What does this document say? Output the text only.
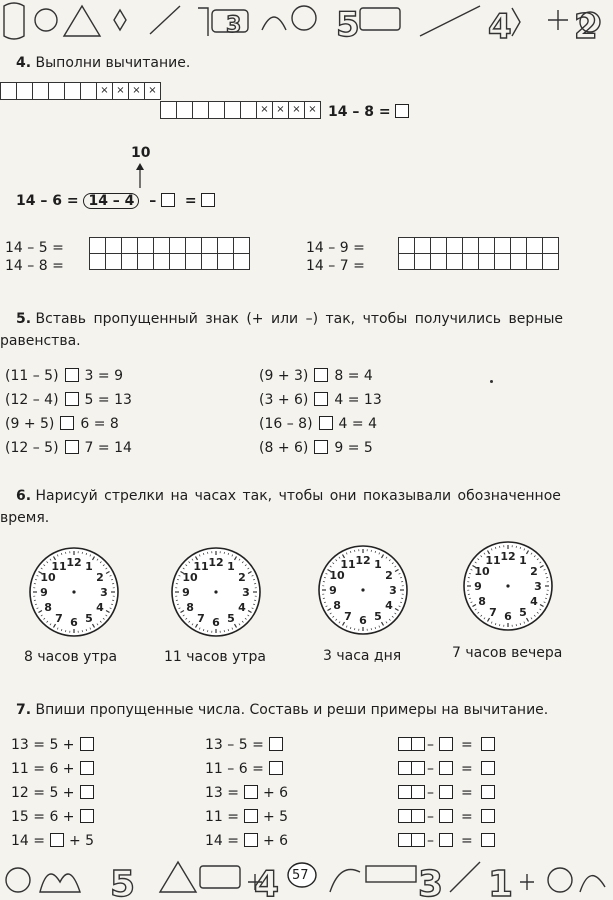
3	5	4 2
4. Выполни вычитание.
						×	×	×	×
						×	×	×	× 14 – 8 =
10
14 – 6 = 14 – 4 – =
14 – 5 =
14 – 8 =

14 – 9 =
14 – 7 =

5. Вставь пропущенный знак (+ или –) так, чтобы получились верные
равенства.
(11 – 5) 3 = 9
(12 – 4) 5 = 13
(9 + 5) 6 = 8
(12 – 5) 7 = 14
(9 + 3) 8 = 4
(3 + 6) 4 = 13
(16 – 8) 4 = 4
(8 + 6) 9 = 5
6. Нарисуй стрелки на часах так, чтобы они показывали обозначенное
время.
12 1
2
3
4
5
6
7
8
9
10
11	12 1
2
3
4
5
6
7
8
9
10
11	12 1
2
3
4
5
6
7
8
9
10
11
12 1
2
3
4
5
6
7
8
9
10
11
8 часов утра	11 часов утра	3 часа дня	7 часов вечера
7. Впиши пропущенные числа. Составь и реши примеры на вычитание.
13 = 5 +
11 = 6 +
12 = 5 +
15 = 6 +
14 = + 5
13 – 5 =
11 – 6 =
13 = + 6
11 = + 5
14 = + 6
– =
– =
– =
– =
– =
5	4	3 1
57
